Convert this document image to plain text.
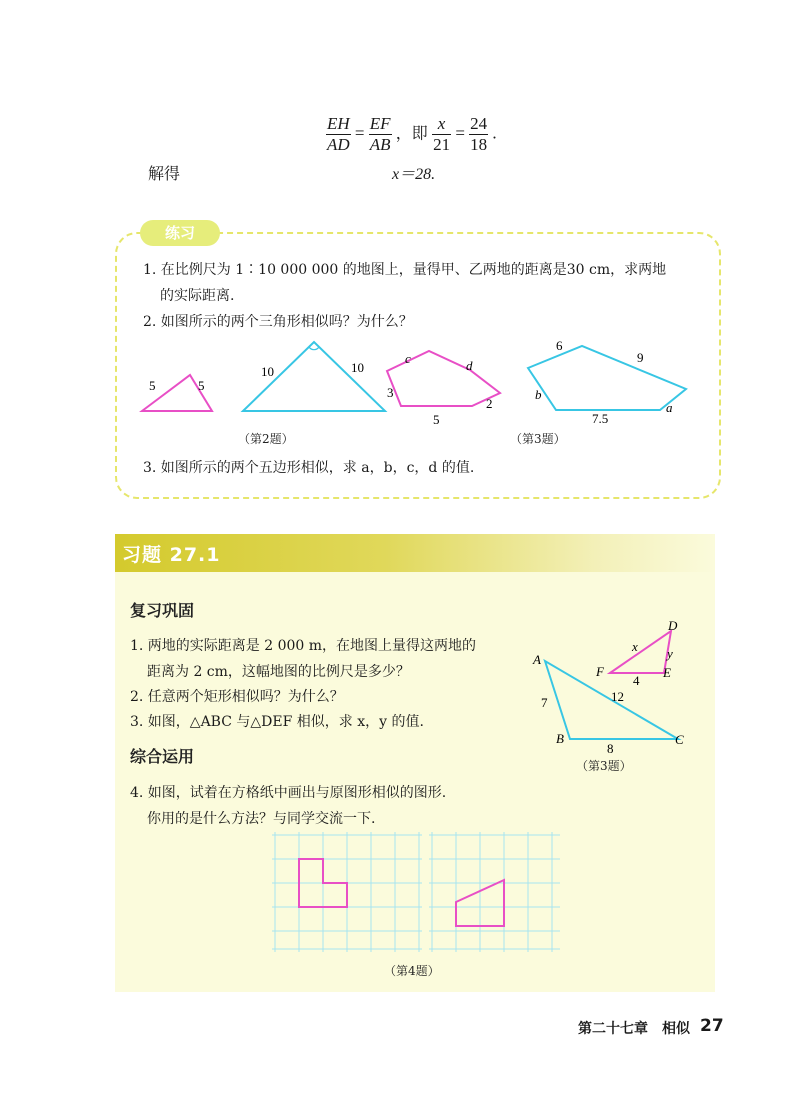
$\frac{EH}{AD} = \frac{EF}{AB}$ ，即 $\frac{x}{21} = \frac{24}{18}$ .
解得	x＝28.
练习
1. 在比例尺为 1∶10 000 000 的地图上，量得甲、乙两地的距离是30 cm，求两地
的实际距离.
2. 如图所示的两个三角形相似吗？为什么？
5	5
10	10
c	d
3
5
2
6
9
b
7.5
a
（第2题）	（第3题）
3. 如图所示的两个五边形相似，求 a，b，c，d 的值.
习题 27.1
复习巩固
1. 两地的实际距离是 2 000 m，在地图上量得这两地的
距离为 2 cm，这幅地图的比例尺是多少？
2. 任意两个矩形相似吗？为什么？
3. 如图，△ABC 与△DEF 相似，求 x，y 的值.
综合运用
4. 如图，试着在方格纸中画出与原图形相似的图形.
你用的是什么方法？与同学交流一下.
A
B	C
D
E
F
x y
4
7	12
8
（第3题）
（第4题）
第二十七章　相似 27
